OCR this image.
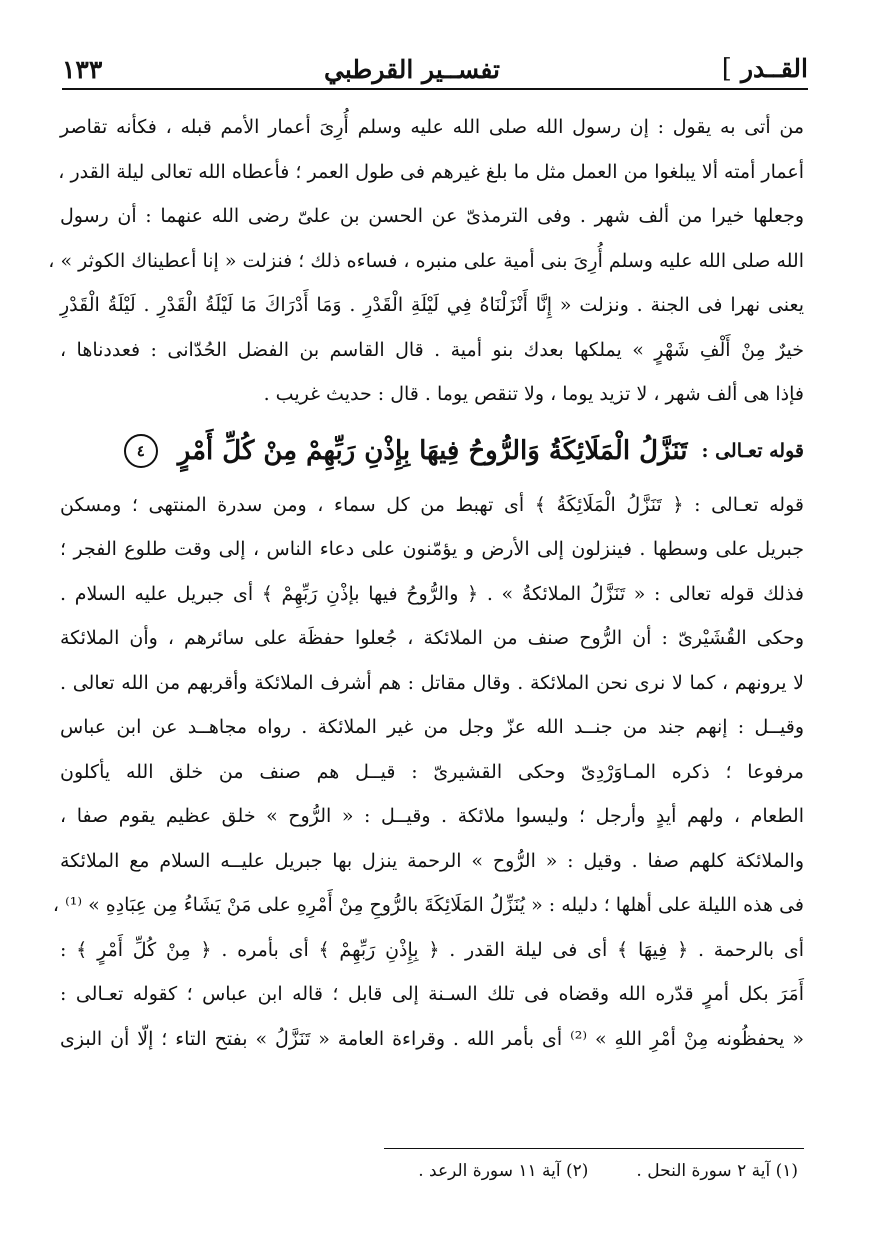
القــدر ]
تفســير القرطبي
١٣٣
من أتى به يقول : إن رسول الله صلى الله عليه وسلم أُرِىَ أعمار الأمم قبله ، فكأنه تقاصر
أعمار أمته ألا يبلغوا من العمل مثل ما بلغ غيرهم فى طول العمر ؛ فأعطاه الله تعالى ليلة القدر ،
وجعلها خيرا من ألف شهر . وفى الترمذىّ عن الحسن بن علىّ رضى الله عنهما : أن رسول
الله صلى الله عليه وسلم أُرِىَ بنى أمية على منبره ، فساءه ذلك ؛ فنزلت « إنا أعطيناك الكوثر » ،
يعنى نهرا فى الجنة . ونزلت « إِنَّا أَنْزَلْنَاهُ فِي لَيْلَةِ الْقَدْرِ . وَمَا أَدْرَاكَ مَا لَيْلَةُ الْقَدْرِ . لَيْلَةُ الْقَدْرِ
خيرٌ مِنْ أَلْفِ شَهْرٍ » يملكها بعدك بنو أمية . قال القاسم بن الفضل الحُدّانى : فعددناها ،
فإذا هى ألف شهر ، لا تزيد يوما ، ولا تنقص يوما . قال : حديث غريب .
قوله تعـالى :
تَنَزَّلُ الْمَلَائِكَةُ وَالرُّوحُ فِيهَا بِإِذْنِ رَبِّهِمْ مِنْ كُلِّ أَمْرٍ
٤
قوله تعـالى : ﴿ تَنَزَّلُ الْمَلَائِكَةُ ﴾ أى تهبط من كل سماء ، ومن سدرة المنتهى ؛ ومسكن
جبريل على وسطها . فينزلون إلى الأرض و يؤمّنون على دعاء الناس ، إلى وقت طلوع الفجر ؛
فذلك قوله تعالى : « تَنَزَّلُ الملائكةُ » . ﴿ والرُّوحُ فيها بإذْنِ رَبِّهِمْ ﴾ أى جبريل عليه السلام .
وحكى القُشَيْرىّ : أن الرُّوح صنف من الملائكة ، جُعلوا حفظَة على سائرهم ، وأن الملائكة
لا يرونهم ، كما لا نرى نحن الملائكة . وقال مقاتل : هم أشرف الملائكة وأقربهم من الله تعالى .
وقيــل : إنهم جند من جنــد الله عزّ وجل من غير الملائكة . رواه مجاهــد عن ابن عباس
مرفوعا ؛ ذكره المـاوَرْدِىّ وحكى القشيرىّ : قيــل هم صنف من خلق الله يأكلون
الطعام ، ولهم أيدٍ وأرجل ؛ وليسوا ملائكة . وقيــل : « الرُّوح » خلق عظيم يقوم صفا ،
والملائكة كلهم صفا . وقيل : « الرُّوح » الرحمة ينزل بها جبريل عليــه السلام مع الملائكة
فى هذه الليلة على أهلها ؛ دليله : « يُنَزِّلُ المَلَائِكَةَ بالرُّوحِ مِنْ أَمْرِهِ على مَنْ يَشَاءُ مِن عِبَادِهِ » ⁽¹⁾ ،
أى بالرحمة . ﴿ فِيهَا ﴾ أى فى ليلة القدر . ﴿ بِإِذْنِ رَبِّهِمْ ﴾ أى بأمره . ﴿ مِنْ كُلِّ أَمْرٍ ﴾ :
أَمَرَ بكل أمرٍ قدّره الله وقضاه فى تلك السـنة إلى قابل ؛ قاله ابن عباس ؛ كقوله تعـالى :
« يحفظُونه مِنْ أمْرِ اللهِ » ⁽²⁾ أى بأمر الله . وقراءة العامة « تَنَزَّلُ » بفتح التاء ؛ إلّا أن البزى
(١) آية ٢ سورة النحل .
(٢) آية ١١ سورة الرعد .
